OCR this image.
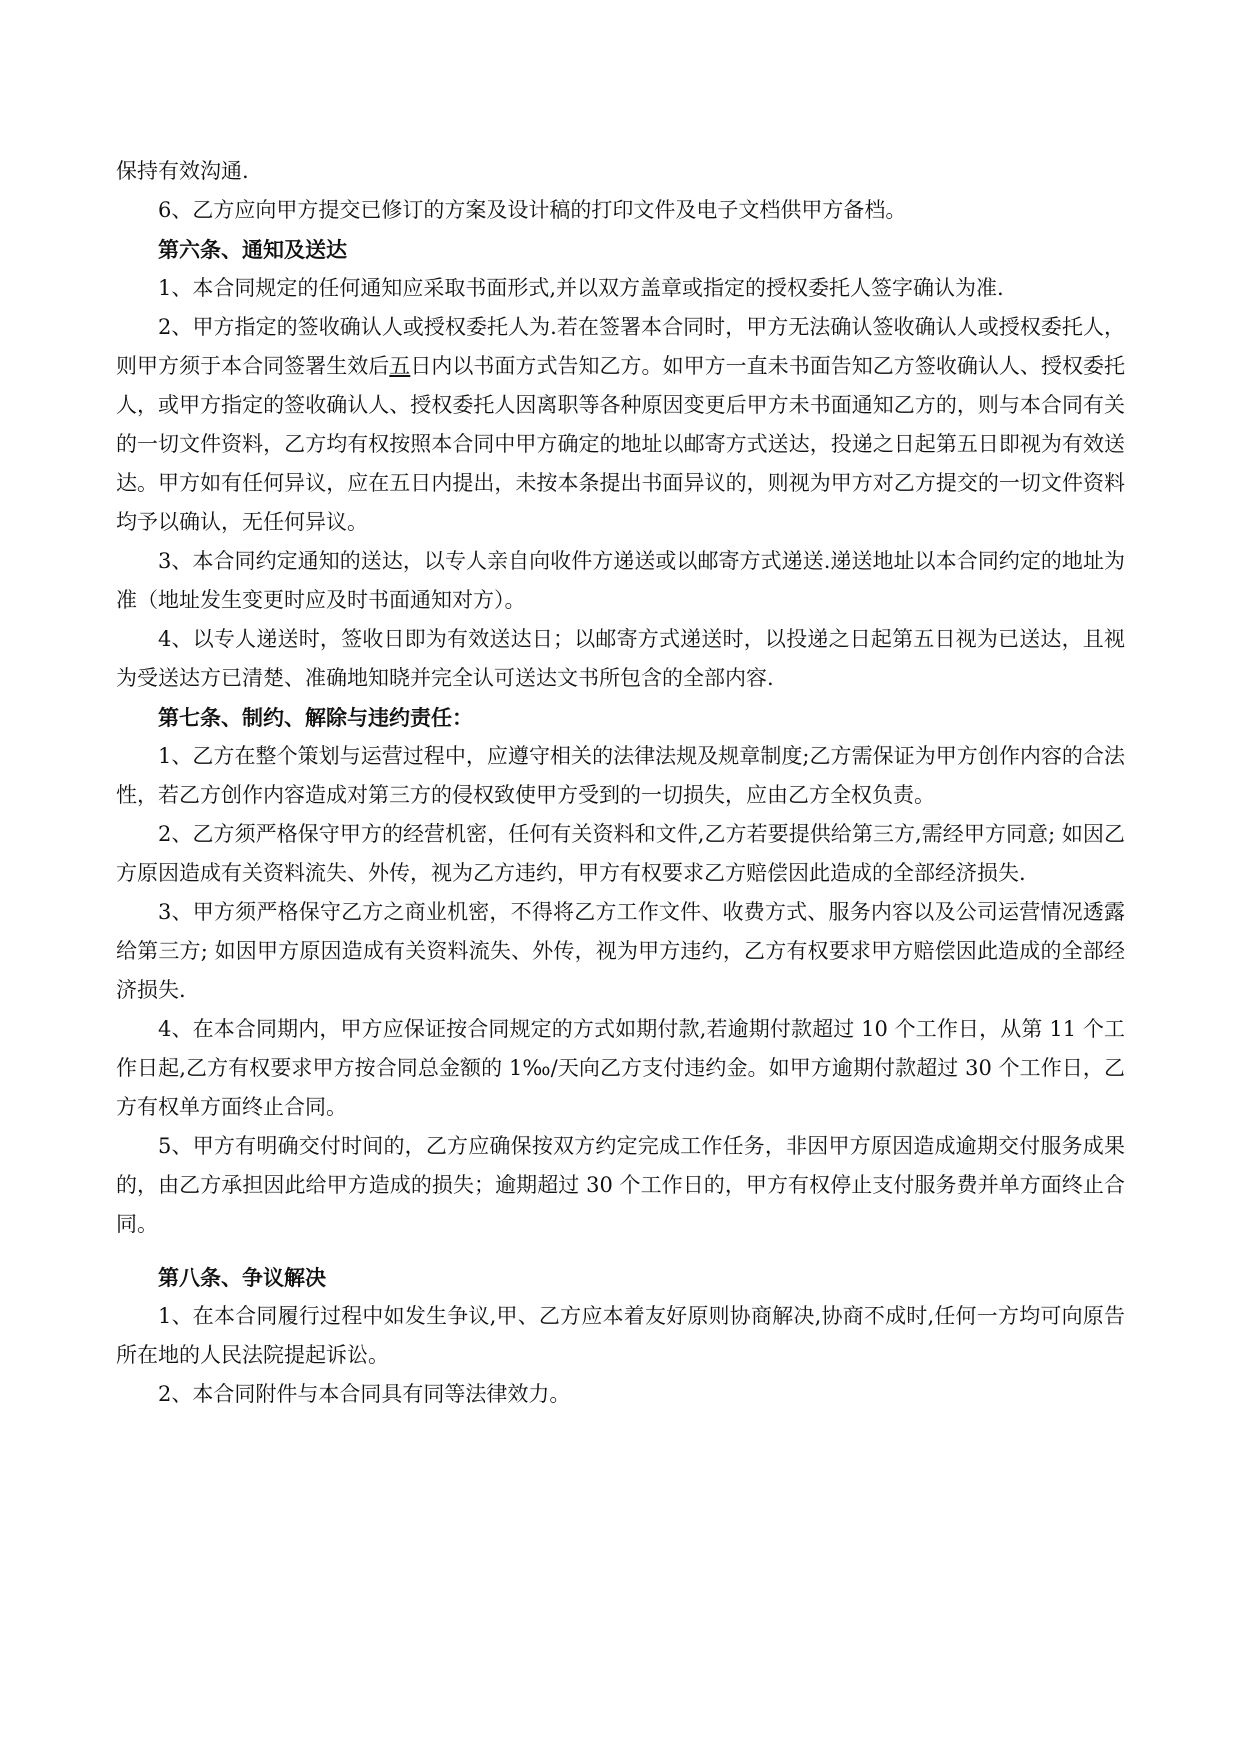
保持有效沟通.

6、乙方应向甲方提交已修订的方案及设计稿的打印文件及电子文档供甲方备档。

第六条、通知及送达

1、本合同规定的任何通知应采取书面形式,并以双方盖章或指定的授权委托人签字确认为准.

2、甲方指定的签收确认人或授权委托人为.若在签署本合同时，甲方无法确认签收确认人或授权委托人，则甲方须于本合同签署生效后五日内以书面方式告知乙方。如甲方一直未书面告知乙方签收确认人、授权委托人，或甲方指定的签收确认人、授权委托人因离职等各种原因变更后甲方未书面通知乙方的，则与本合同有关的一切文件资料，乙方均有权按照本合同中甲方确定的地址以邮寄方式送达，投递之日起第五日即视为有效送达。甲方如有任何异议，应在五日内提出，未按本条提出书面异议的，则视为甲方对乙方提交的一切文件资料均予以确认，无任何异议。

3、本合同约定通知的送达，以专人亲自向收件方递送或以邮寄方式递送.递送地址以本合同约定的地址为准（地址发生变更时应及时书面通知对方）。

4、以专人递送时，签收日即为有效送达日；以邮寄方式递送时，以投递之日起第五日视为已送达，且视为受送达方已清楚、准确地知晓并完全认可送达文书所包含的全部内容.

第七条、制约、解除与违约责任：

1、乙方在整个策划与运营过程中，应遵守相关的法律法规及规章制度;乙方需保证为甲方创作内容的合法性，若乙方创作内容造成对第三方的侵权致使甲方受到的一切损失，应由乙方全权负责。

2、乙方须严格保守甲方的经营机密，任何有关资料和文件,乙方若要提供给第三方,需经甲方同意; 如因乙方原因造成有关资料流失、外传，视为乙方违约，甲方有权要求乙方赔偿因此造成的全部经济损失.

3、甲方须严格保守乙方之商业机密，不得将乙方工作文件、收费方式、服务内容以及公司运营情况透露给第三方; 如因甲方原因造成有关资料流失、外传，视为甲方违约，乙方有权要求甲方赔偿因此造成的全部经济损失.

4、在本合同期内，甲方应保证按合同规定的方式如期付款,若逾期付款超过 10 个工作日，从第 11 个工作日起,乙方有权要求甲方按合同总金额的 1‰/天向乙方支付违约金。如甲方逾期付款超过 30 个工作日，乙方有权单方面终止合同。

5、甲方有明确交付时间的，乙方应确保按双方约定完成工作任务，非因甲方原因造成逾期交付服务成果的，由乙方承担因此给甲方造成的损失；逾期超过 30 个工作日的，甲方有权停止支付服务费并单方面终止合同。

第八条、争议解决

1、在本合同履行过程中如发生争议,甲、乙方应本着友好原则协商解决,协商不成时,任何一方均可向原告所在地的人民法院提起诉讼。

2、本合同附件与本合同具有同等法律效力。
